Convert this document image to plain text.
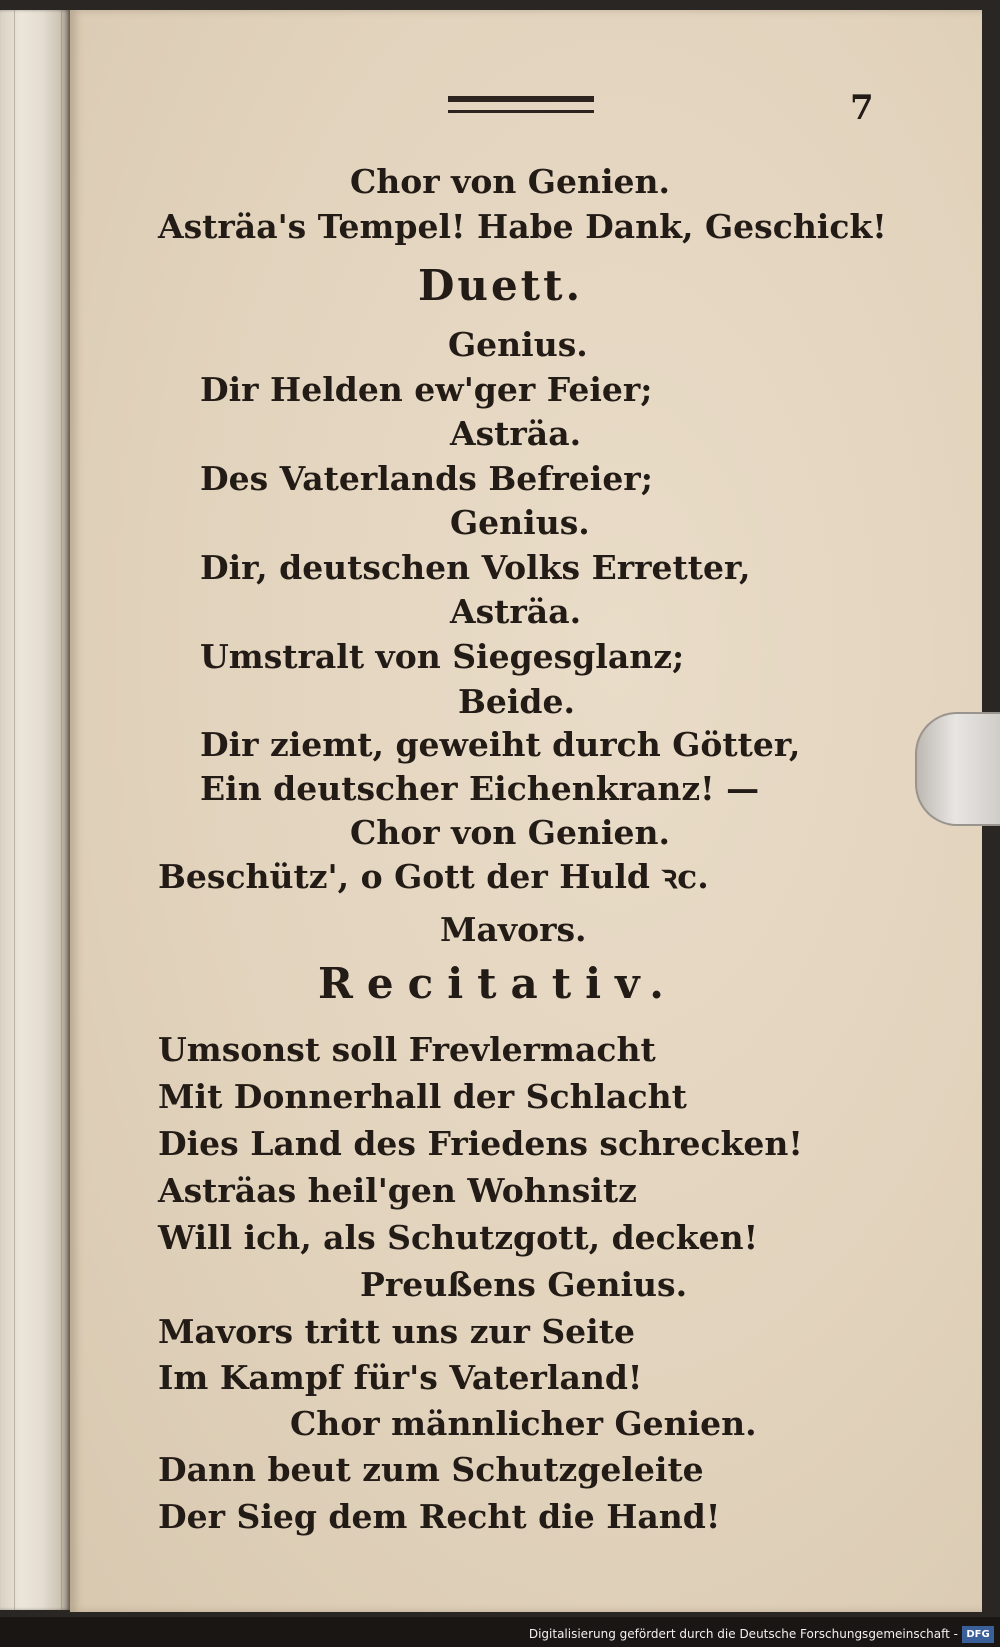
7
Chor von Genien.
Asträa's Tempel! Habe Dank, Geschick!
Duett.
Genius.
Dir Helden ew'ger Feier;
Asträa.
Des Vaterlands Befreier;
Genius.
Dir, deutschen Volks Erretter,
Asträa.
Umstralt von Siegesglanz;
Beide.
Dir ziemt, geweiht durch Götter,
Ein deutscher Eichenkranz! —
Chor von Genien.
Beschütz', o Gott der Huld ꝛc.
Mavors.
Recitativ.
Umsonst soll Frevlermacht
Mit Donnerhall der Schlacht
Dies Land des Friedens schrecken!
Asträas heil'gen Wohnsitz
Will ich, als Schutzgott, decken!
Preußens Genius.
Mavors tritt uns zur Seite
Im Kampf für's Vaterland!
Chor männlicher Genien.
Dann beut zum Schutzgeleite
Der Sieg dem Recht die Hand!
Digitalisierung gefördert durch die Deutsche Forschungsgemeinschaft - DFG
